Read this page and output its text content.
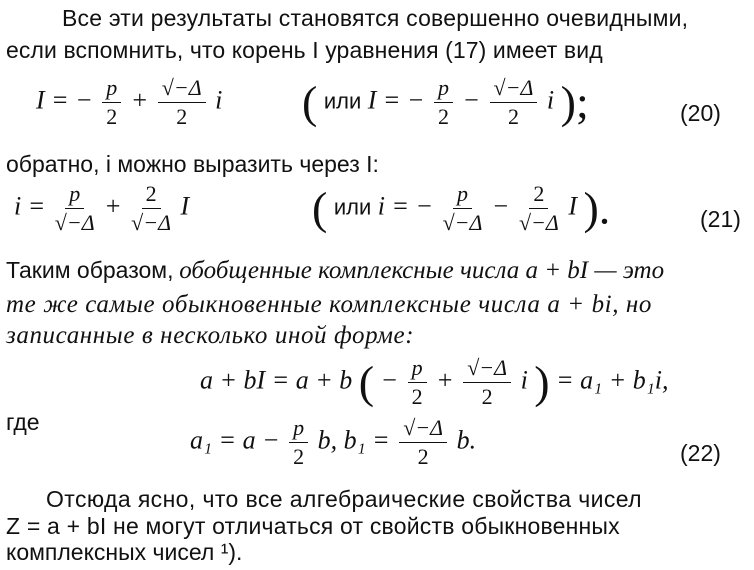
Все эти результаты становятся совершенно очевидными,
если вспомнить, что корень I уравнения (17) имеет вид
I = − $\frac{p}{2} + \frac{√-\Delta}{2}$ i ( или I = − $\frac{p}{2} - \frac{√-\Delta}{2}$ i );	(20)
обратно, i можно выразить через I:
$i = \frac{p}{√-\Delta} + \frac{2}{√-\Delta}$ I	( или i = − $\frac{p}{√-\Delta} - \frac{2}{√-\Delta}$ I ).	(21)
Таким образом, обобщенные комплексные числа a + bI — это
те же самые обыкновенные комплексные числа a + bi, но
записанные в несколько иной форме:
a + bI = a + b ( − $\frac{p}{2} + \frac{√-\Delta}{2}$ i ) = a₁ + b₁i,
где
$a_1 = a - \frac{p}{2} b$, $b_1 = \frac{√-\Delta}{2} b$.	(22)
Отсюда ясно, что все алгебраические свойства чисел
Z = a + bI не могут отличаться от свойств обыкновенных
комплексных чисел ¹).
